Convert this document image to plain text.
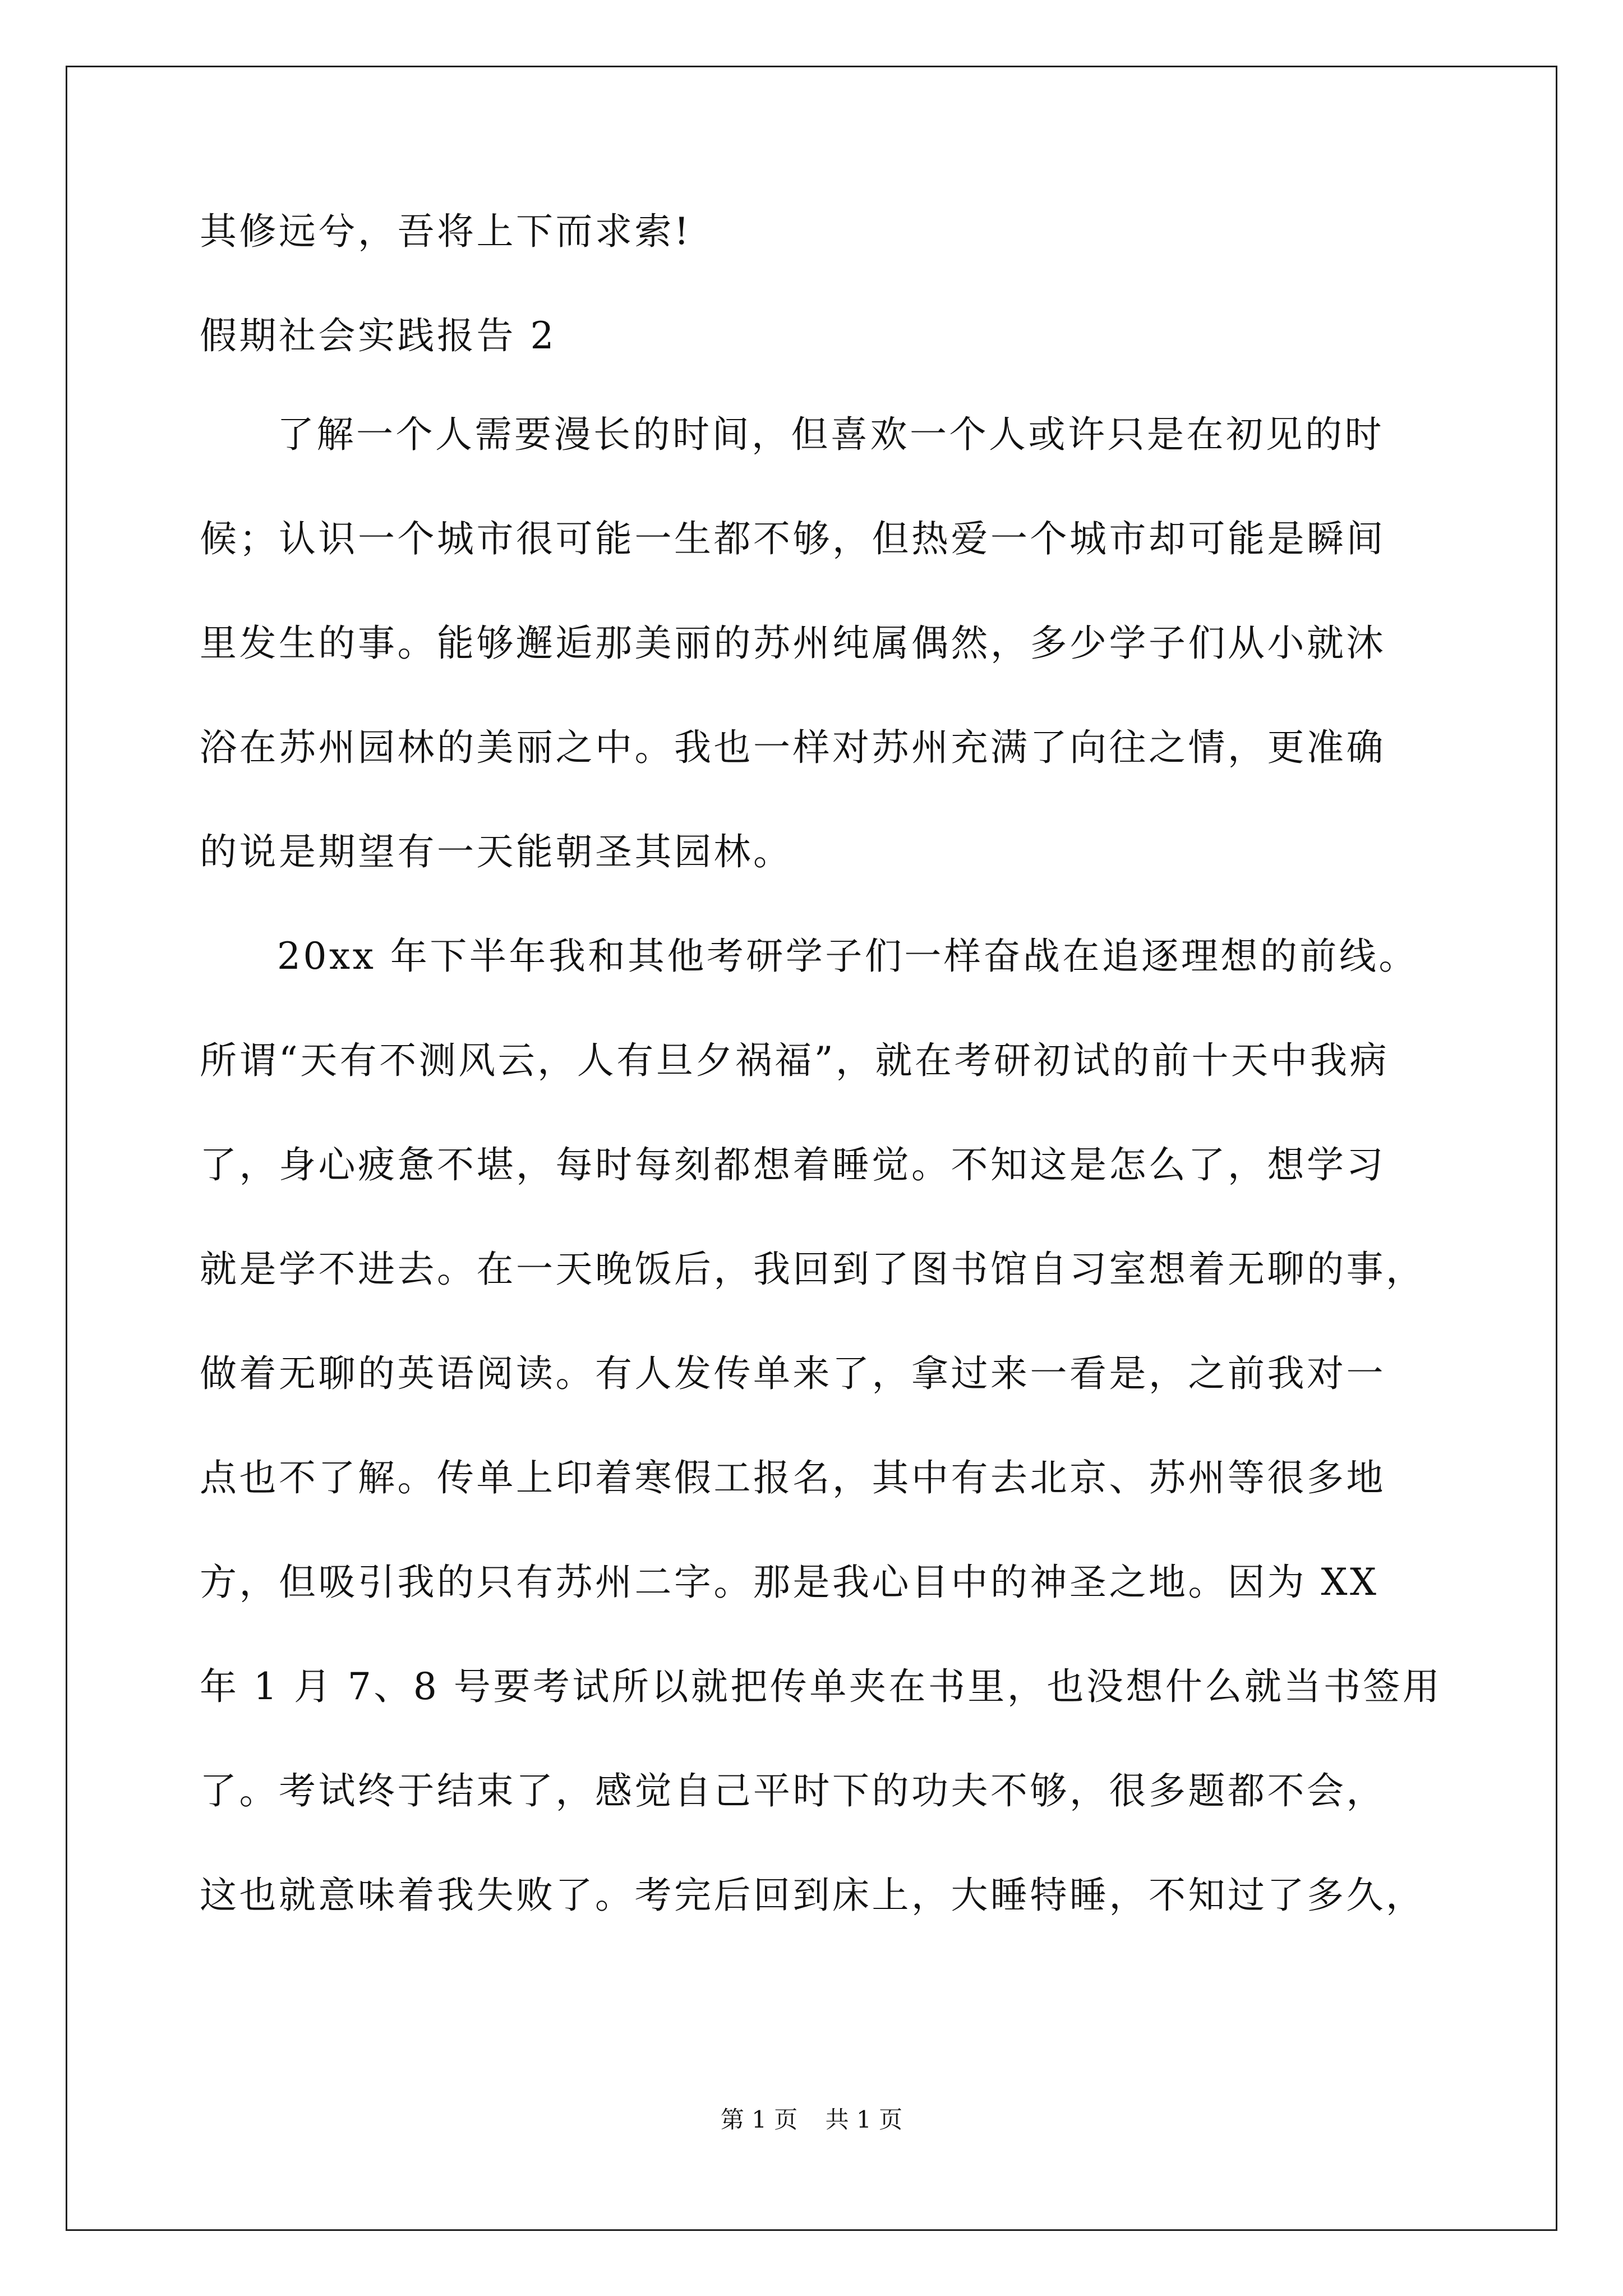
其修远兮，吾将上下而求索!
假期社会实践报告 2
了解一个人需要漫长的时间，但喜欢一个人或许只是在初见的时
候；认识一个城市很可能一生都不够，但热爱一个城市却可能是瞬间
里发生的事。能够邂逅那美丽的苏州纯属偶然，多少学子们从小就沐
浴在苏州园林的美丽之中。我也一样对苏州充满了向往之情，更准确
的说是期望有一天能朝圣其园林。
20xx 年下半年我和其他考研学子们一样奋战在追逐理想的前线。
所谓“天有不测风云，人有旦夕祸福”，就在考研初试的前十天中我病
了，身心疲惫不堪，每时每刻都想着睡觉。不知这是怎么了，想学习
就是学不进去。在一天晚饭后，我回到了图书馆自习室想着无聊的事，
做着无聊的英语阅读。有人发传单来了，拿过来一看是，之前我对一
点也不了解。传单上印着寒假工报名，其中有去北京、苏州等很多地
方，但吸引我的只有苏州二字。那是我心目中的神圣之地。因为 XX
年 1 月 7、8 号要考试所以就把传单夹在书里，也没想什么就当书签用
了。考试终于结束了，感觉自己平时下的功夫不够，很多题都不会，
这也就意味着我失败了。考完后回到床上，大睡特睡，不知过了多久，
第 1 页 共 1 页
